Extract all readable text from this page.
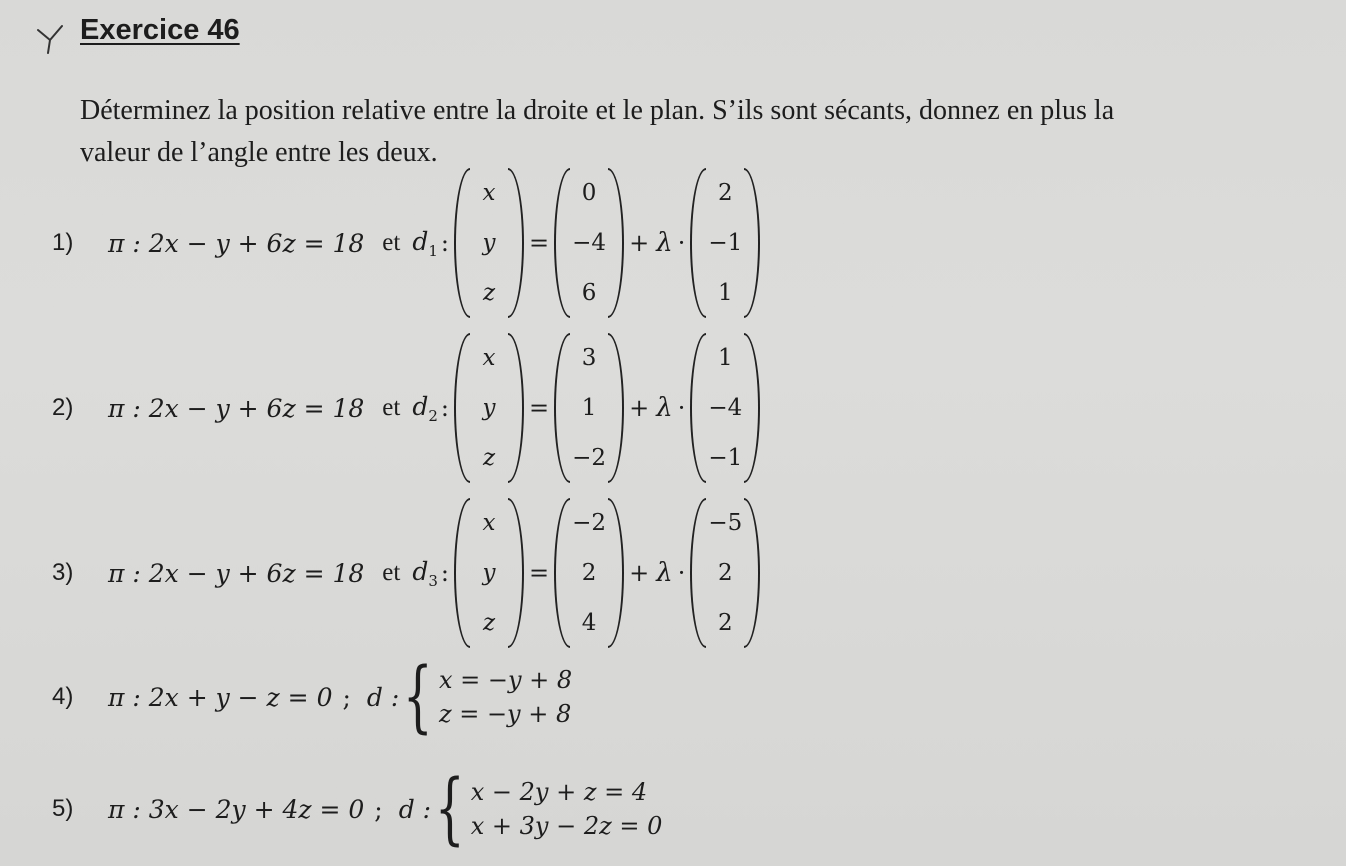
Exercice 46
Déterminez la position relative entre la droite et le plan. S’ils sont sécants, donnez en plus la
valeur de l’angle entre les deux.
1)	π : 2x − y + 6z = 18 et $d_1$ :
x
y
z
=
0
−4
6
+ λ ·
2
−1
1
2)	π : 2x − y + 6z = 18 et $d_2$ :
x
y
z
=
3
1
−2
+ λ ·
1
−4
−1
3)	π : 2x − y + 6z = 18 et $d_3$ :
x
y
z
=
−2
2
4
+ λ ·
−5
2
2
4)	π : 2x + y − z = 0 ; d : { x = −y + 8
z = −y + 8
5)	π : 3x − 2y + 4z = 0 ; d : { x − 2y + z = 4
x + 3y − 2z = 0
